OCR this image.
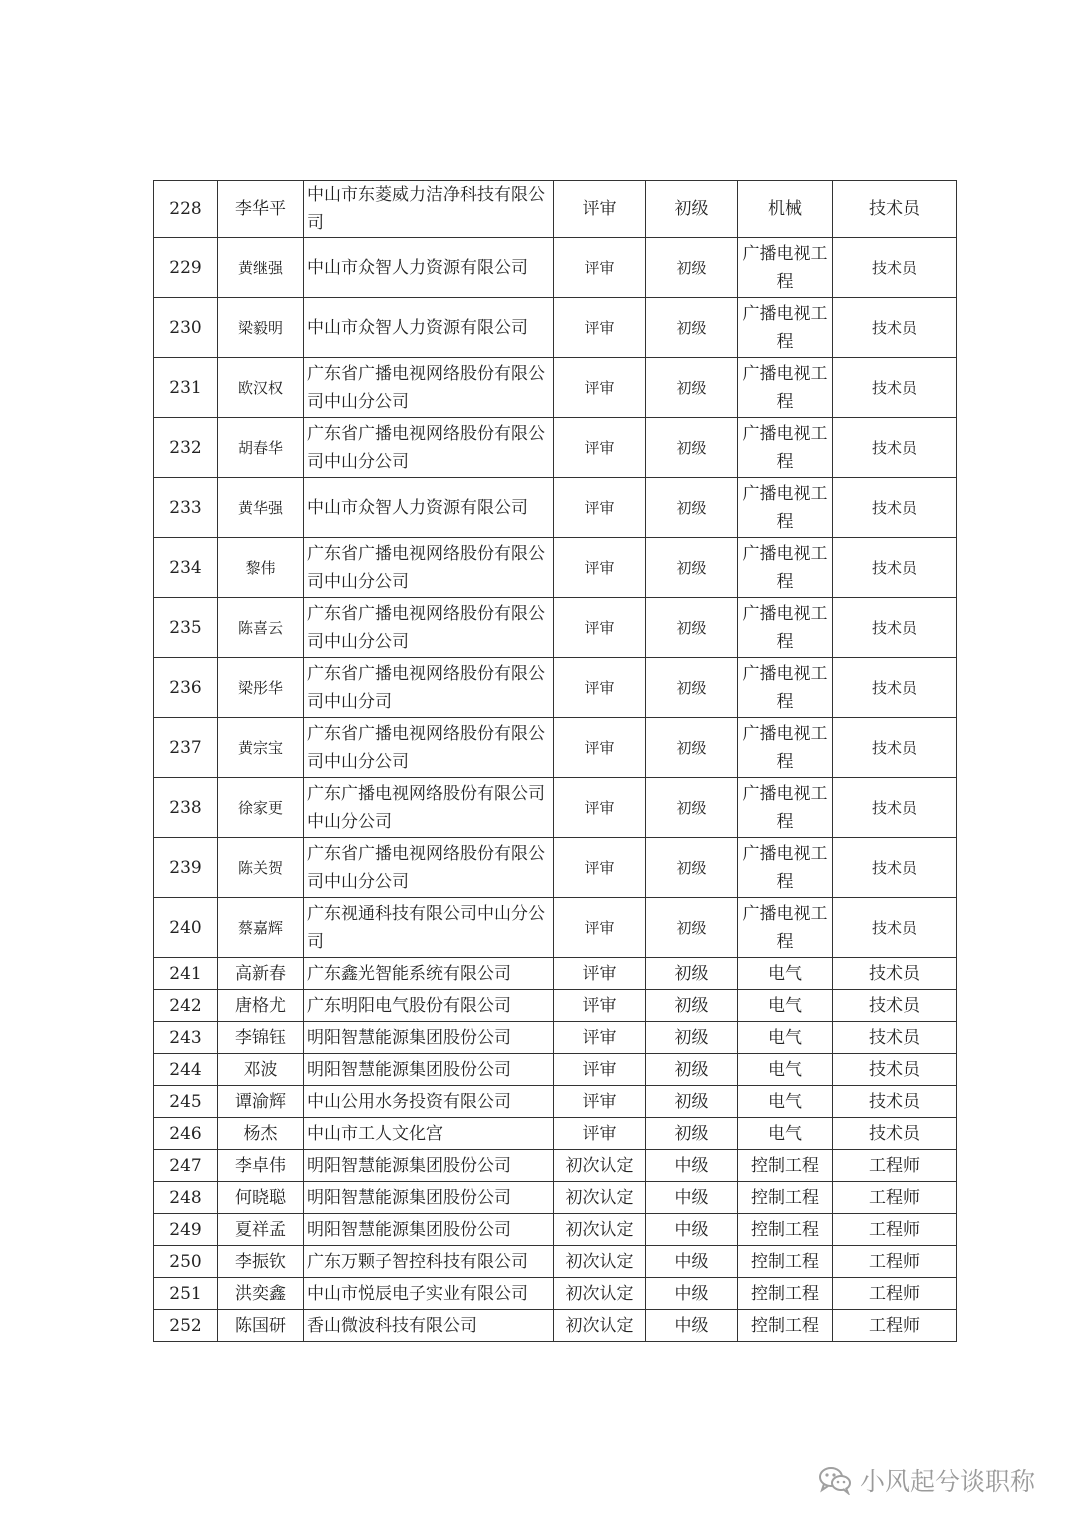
228	李华平	中山市东菱威力洁净科技有限公司	评审	初级	机械	技术员
229	黄继强	中山市众智人力资源有限公司	评审	初级	广播电视工程	技术员
230	梁毅明	中山市众智人力资源有限公司	评审	初级	广播电视工程	技术员
231	欧汉权	广东省广播电视网络股份有限公司中山分公司	评审	初级	广播电视工程	技术员
232	胡春华	广东省广播电视网络股份有限公司中山分公司	评审	初级	广播电视工程	技术员
233	黄华强	中山市众智人力资源有限公司	评审	初级	广播电视工程	技术员
234	黎伟	广东省广播电视网络股份有限公司中山分公司	评审	初级	广播电视工程	技术员
235	陈喜云	广东省广播电视网络股份有限公司中山分公司	评审	初级	广播电视工程	技术员
236	梁彤华	广东省广播电视网络股份有限公司中山分司	评审	初级	广播电视工程	技术员
237	黄宗宝	广东省广播电视网络股份有限公司中山分公司	评审	初级	广播电视工程	技术员
238	徐家更	广东广播电视网络股份有限公司中山分公司	评审	初级	广播电视工程	技术员
239	陈关贺	广东省广播电视网络股份有限公司中山分公司	评审	初级	广播电视工程	技术员
240	蔡嘉辉	广东视通科技有限公司中山分公司	评审	初级	广播电视工程	技术员
241	高新春	广东鑫光智能系统有限公司	评审	初级	电气	技术员
242	唐格尤	广东明阳电气股份有限公司	评审	初级	电气	技术员
243	李锦钰	明阳智慧能源集团股份公司	评审	初级	电气	技术员
244	邓波	明阳智慧能源集团股份公司	评审	初级	电气	技术员
245	谭渝辉	中山公用水务投资有限公司	评审	初级	电气	技术员
246	杨杰	中山市工人文化宫	评审	初级	电气	技术员
247	李卓伟	明阳智慧能源集团股份公司	初次认定	中级	控制工程	工程师
248	何晓聪	明阳智慧能源集团股份公司	初次认定	中级	控制工程	工程师
249	夏祥孟	明阳智慧能源集团股份公司	初次认定	中级	控制工程	工程师
250	李振钦	广东万颗子智控科技有限公司	初次认定	中级	控制工程	工程师
251	洪奕鑫	中山市悦辰电子实业有限公司	初次认定	中级	控制工程	工程师
252	陈国研	香山微波科技有限公司	初次认定	中级	控制工程	工程师
小风起兮谈职称
